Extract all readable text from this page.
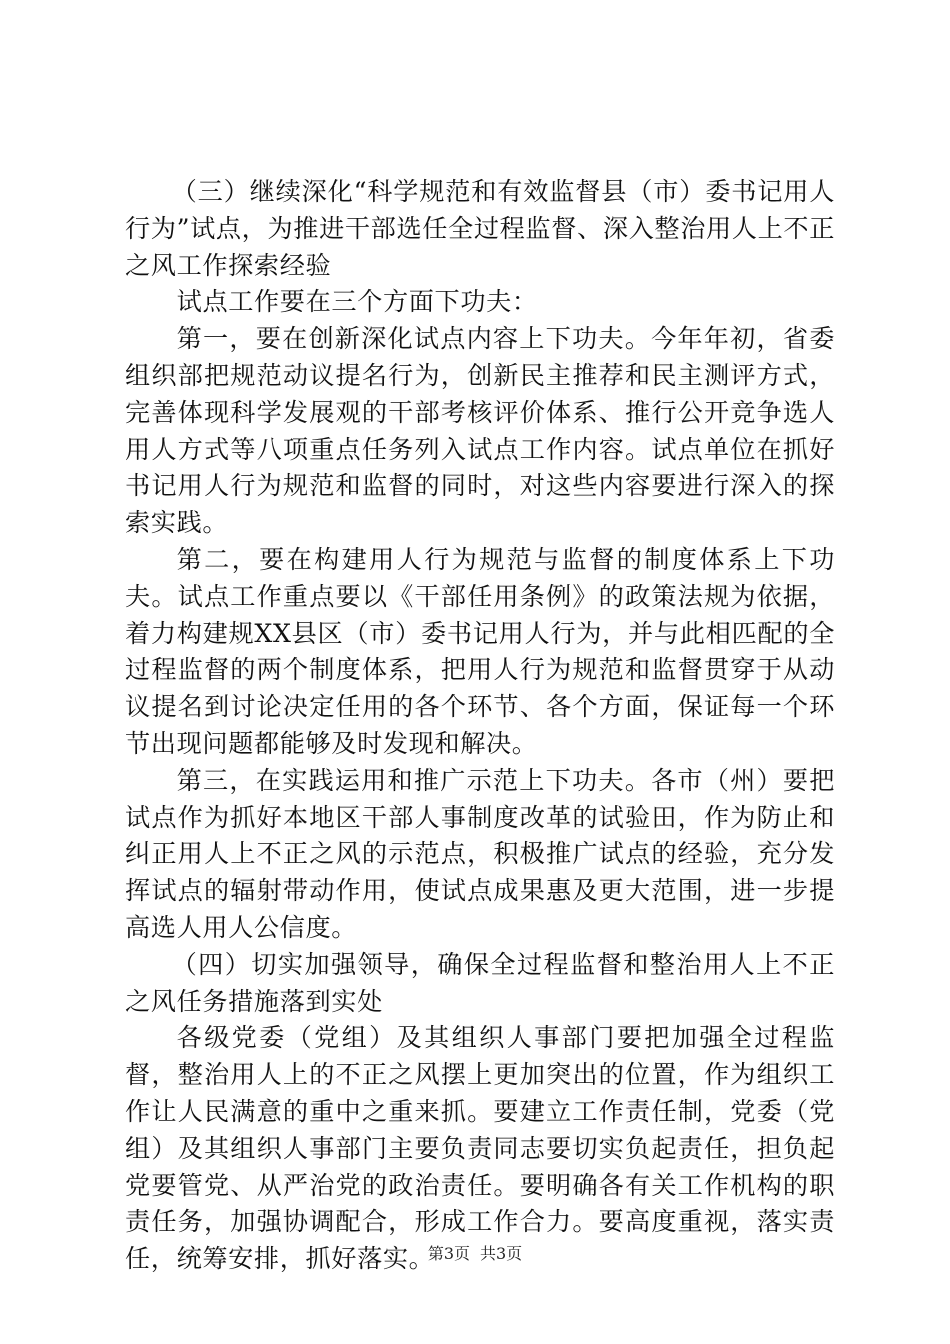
（三）继续深化“科学规范和有效监督县（市）委书记用人行为”试点，为推进干部选任全过程监督、深入整治用人上不正之风工作探索经验

试点工作要在三个方面下功夫：

第一，要在创新深化试点内容上下功夫。今年年初，省委组织部把规范动议提名行为，创新民主推荐和民主测评方式，完善体现科学发展观的干部考核评价体系、推行公开竞争选人用人方式等八项重点任务列入试点工作内容。试点单位在抓好书记用人行为规范和监督的同时，对这些内容要进行深入的探索实践。

第二，要在构建用人行为规范与监督的制度体系上下功夫。试点工作重点要以《干部任用条例》的政策法规为依据，着力构建规XX县区（市）委书记用人行为，并与此相匹配的全过程监督的两个制度体系，把用人行为规范和监督贯穿于从动议提名到讨论决定任用的各个环节、各个方面，保证每一个环节出现问题都能够及时发现和解决。

第三，在实践运用和推广示范上下功夫。各市（州）要把试点作为抓好本地区干部人事制度改革的试验田，作为防止和纠正用人上不正之风的示范点，积极推广试点的经验，充分发挥试点的辐射带动作用，使试点成果惠及更大范围，进一步提高选人用人公信度。

（四）切实加强领导，确保全过程监督和整治用人上不正之风任务措施落到实处

各级党委（党组）及其组织人事部门要把加强全过程监督，整治用人上的不正之风摆上更加突出的位置，作为组织工作让人民满意的重中之重来抓。要建立工作责任制，党委（党组）及其组织人事部门主要负责同志要切实负起责任，担负起党要管党、从严治党的政治责任。要明确各有关工作机构的职责任务，加强协调配合，形成工作合力。要高度重视，落实责任，统筹安排，抓好落实。

第3页 共3页
